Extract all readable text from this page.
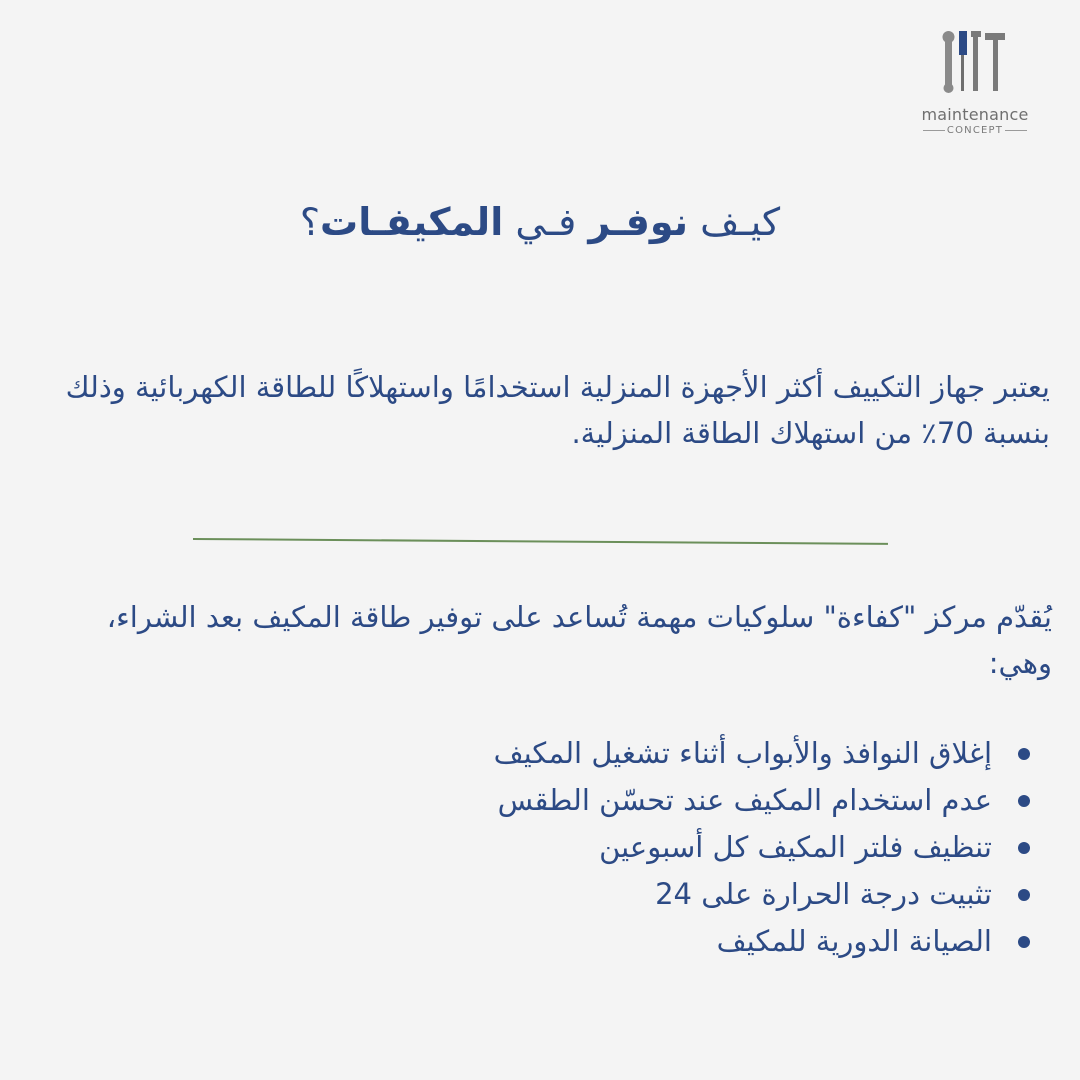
maintenance
CONCEPT
كيـف نوفـر فـي المكيفـات؟
يعتبر جهاز التكييف أكثر الأجهزة المنزلية استخدامًا واستهلاكًا للطاقة الكهربائية وذلك بنسبة 70٪ من استهلاك الطاقة المنزلية.
يُقدّم مركز "كفاءة" سلوكيات مهمة تُساعد على توفير طاقة المكيف بعد الشراء، وهي:
إغلاق النوافذ والأبواب أثناء تشغيل المكيف
عدم استخدام المكيف عند تحسّن الطقس
تنظيف فلتر المكيف كل أسبوعين
تثبيت درجة الحرارة على 24
الصيانة الدورية للمكيف
